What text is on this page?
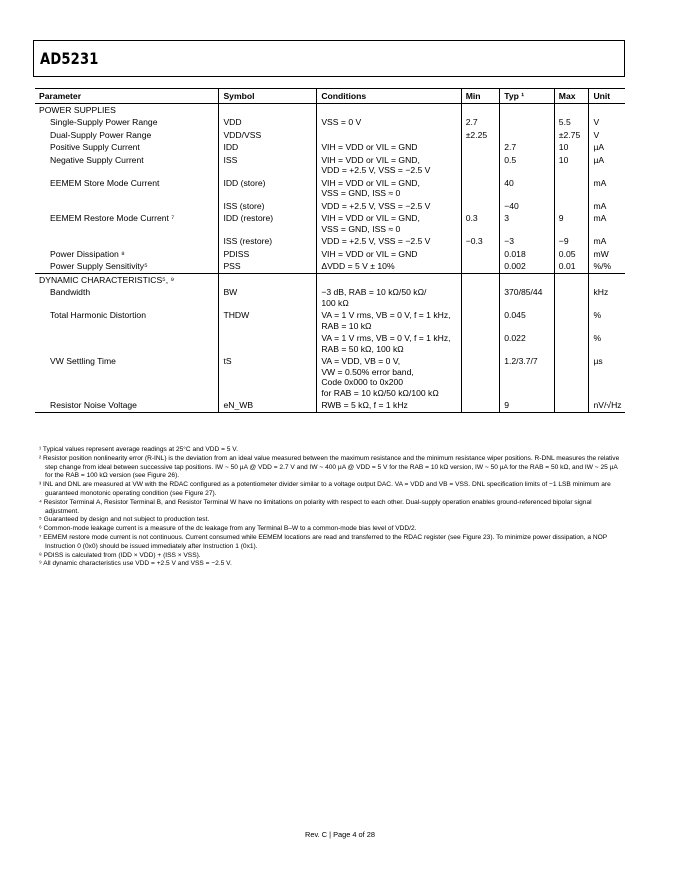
AD5231
Parameter	Symbol	Conditions	Min	Typ ¹	Max	Unit
POWER SUPPLIES						
Single-Supply Power Range	VDD	VSS = 0 V	2.7		5.5	V
Dual-Supply Power Range	VDD/VSS		±2.25		±2.75	V
Positive Supply Current	IDD	VIH = VDD or VIL = GND		2.7	10	µA
Negative Supply Current	ISS	VIH = VDD or VIL = GND,
VDD = +2.5 V, VSS = −2.5 V		0.5	10	µA
EEMEM Store Mode Current	IDD (store)	VIH = VDD or VIL = GND,
VSS = GND, ISS ≈ 0		40		mA
	ISS (store)	VDD = +2.5 V, VSS = −2.5 V		−40		mA
EEMEM Restore Mode Current ⁷	IDD (restore)	VIH = VDD or VIL = GND,
VSS = GND, ISS ≈ 0	0.3	3	9	mA
	ISS (restore)	VDD = +2.5 V, VSS = −2.5 V	−0.3	−3	−9	mA
Power Dissipation ⁸	PDISS	VIH = VDD or VIL = GND		0.018	0.05	mW
Power Supply Sensitivity⁵	PSS	ΔVDD = 5 V ± 10%		0.002	0.01	%/%
DYNAMIC CHARACTERISTICS⁵, ⁹						
Bandwidth	BW	−3 dB, RAB = 10 kΩ/50 kΩ/
100 kΩ		370/85/44		kHz
Total Harmonic Distortion	THDW	VA = 1 V rms, VB = 0 V, f = 1 kHz,
RAB = 10 kΩ		0.045		%
		VA = 1 V rms, VB = 0 V, f = 1 kHz,
RAB = 50 kΩ, 100 kΩ		0.022		%
VW Settling Time	tS	VA = VDD, VB = 0 V,
VW = 0.50% error band,
Code 0x000 to 0x200
for RAB = 10 kΩ/50 kΩ/100 kΩ		1.2/3.7/7		µs
Resistor Noise Voltage	eN_WB	RWB = 5 kΩ, f = 1 kHz		9		nV/√Hz

¹ Typical values represent average readings at 25°C and VDD = 5 V.

² Resistor position nonlinearity error (R-INL) is the deviation from an ideal value measured between the maximum resistance and the minimum resistance wiper positions. R-DNL measures the relative step change from ideal between successive tap positions. IW ~ 50 µA @ VDD = 2.7 V and IW ~ 400 µA @ VDD = 5 V for the RAB = 10 kΩ version, IW ~ 50 µA for the RAB = 50 kΩ, and IW ~ 25 µA for the RAB = 100 kΩ version (see Figure 26).

³ INL and DNL are measured at VW with the RDAC configured as a potentiometer divider similar to a voltage output DAC. VA = VDD and VB = VSS. DNL specification limits of −1 LSB minimum are guaranteed monotonic operating condition (see Figure 27).

⁴ Resistor Terminal A, Resistor Terminal B, and Resistor Terminal W have no limitations on polarity with respect to each other. Dual-supply operation enables ground-referenced bipolar signal adjustment.

⁵ Guaranteed by design and not subject to production test.

⁶ Common-mode leakage current is a measure of the dc leakage from any Terminal B–W to a common-mode bias level of VDD/2.

⁷ EEMEM restore mode current is not continuous. Current consumed while EEMEM locations are read and transferred to the RDAC register (see Figure 23). To minimize power dissipation, a NOP Instruction 0 (0x0) should be issued immediately after Instruction 1 (0x1).

⁸ PDISS is calculated from (IDD × VDD) + (ISS × VSS).

⁹ All dynamic characteristics use VDD = +2.5 V and VSS = −2.5 V.

Rev. C | Page 4 of 28
